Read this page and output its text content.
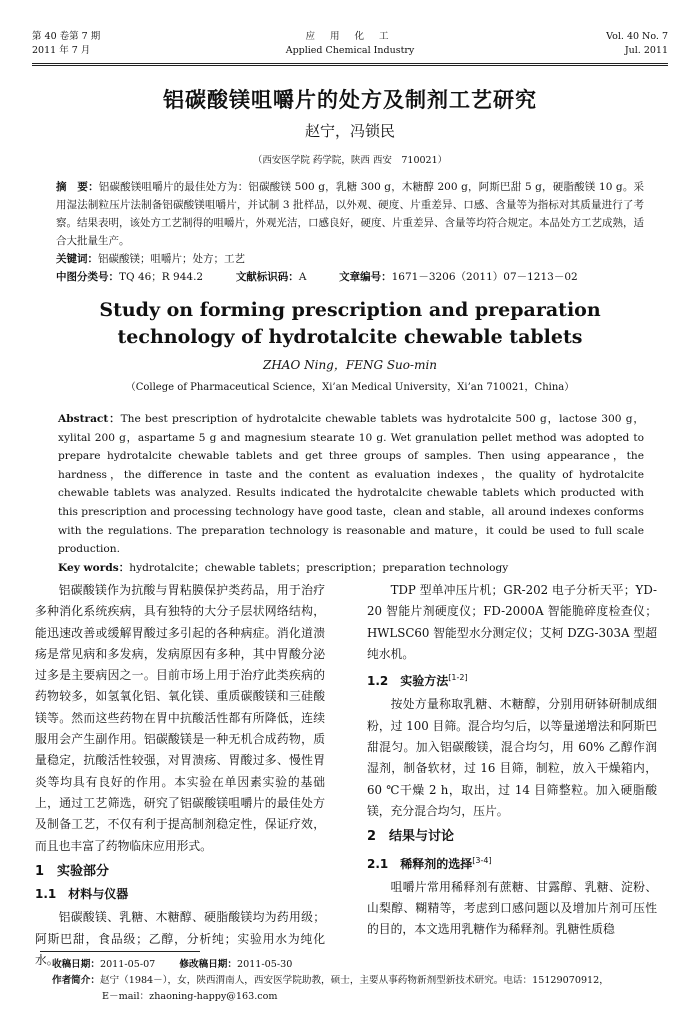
第 40 卷第 7 期
2011 年 7 月
应 用 化 工
Applied Chemical Industry
Vol. 40 No. 7
Jul. 2011
铝碳酸镁咀嚼片的处方及制剂工艺研究
赵宁，冯锁民
（西安医学院 药学院，陕西 西安　710021）
摘　要：铝碳酸镁咀嚼片的最佳处方为：铝碳酸镁 500 g，乳糖 300 g，木糖醇 200 g，阿斯巴甜 5 g，硬脂酸镁 10 g。采用湿法制粒压片法制备铝碳酸镁咀嚼片，并试制 3 批样品，以外观、硬度、片重差异、口感、含量等为指标对其质量进行了考察。结果表明，该处方工艺制得的咀嚼片，外观光洁，口感良好，硬度、片重差异、含量等均符合规定。本品处方工艺成熟，适合大批量生产。
关键词：铝碳酸镁；咀嚼片；处方；工艺
中图分类号：TQ 46；R 944.2	文献标识码：A	文章编号：1671－3206（2011）07－1213－02
Study on forming prescription and preparation technology of hydrotalcite chewable tablets
ZHAO Ning，FENG Suo-min
（College of Pharmaceutical Science，Xi’an Medical University，Xi’an 710021，China）
Abstract：The best prescription of hydrotalcite chewable tablets was hydrotalcite 500 g，lactose 300 g，xylital 200 g，aspartame 5 g and magnesium stearate 10 g. Wet granulation pellet method was adopted to prepare hydrotalcite chewable tablets and get three groups of samples. Then using appearance，the hardness，the difference in taste and the content as evaluation indexes，the quality of hydrotalcite chewable tablets was analyzed. Results indicated the hydrotalcite chewable tablets which producted with this prescription and processing technology have good taste，clean and stable，all around indexes conforms with the regulations. The preparation technology is reasonable and mature，it could be used to full scale production.
Key words：hydrotalcite；chewable tablets；prescription；preparation technology

铝碳酸镁作为抗酸与胃粘膜保护类药品，用于治疗多种消化系统疾病，具有独特的大分子层状网络结构，能迅速改善或缓解胃酸过多引起的各种病症。消化道溃疡是常见病和多发病，发病原因有多种，其中胃酸分泌过多是主要病因之一。目前市场上用于治疗此类疾病的药物较多，如氢氧化铝、氧化镁、重质碳酸镁和三硅酸镁等。然而这些药物在胃中抗酸活性都有所降低，连续服用会产生副作用。铝碳酸镁是一种无机合成药物，质量稳定，抗酸活性较强，对胃溃疡、胃酸过多、慢性胃炎等均具有良好的作用。本实验在单因素实验的基础上，通过工艺筛选，研究了铝碳酸镁咀嚼片的最佳处方及制备工艺，不仅有利于提高制剂稳定性，保证疗效，而且也丰富了药物临床应用形式。

1　实验部分
1.1　材料与仪器

铝碳酸镁、乳糖、木糖醇、硬脂酸镁均为药用级；阿斯巴甜，食品级；乙醇，分析纯；实验用水为纯化水。

TDP 型单冲压片机；GR-202 电子分析天平；YD-20 智能片剂硬度仪；FD-2000A 智能脆碎度检查仪；HWLSC60 智能型水分测定仪；艾柯 DZG-303A 型超纯水机。

1.2　实验方法[1-2]

按处方量称取乳糖、木糖醇，分别用研钵研制成细粉，过 100 目筛。混合均匀后，以等量递增法和阿斯巴甜混匀。加入铝碳酸镁，混合均匀，用 60% 乙醇作润湿剂，制备软材，过 16 目筛，制粒，放入干燥箱内，60 ℃干燥 2 h，取出，过 14 目筛整粒。加入硬脂酸镁，充分混合均匀，压片。

2　结果与讨论
2.1　稀释剂的选择[3-4]

咀嚼片常用稀释剂有蔗糖、甘露醇、乳糖、淀粉、山梨醇、糊精等，考虑到口感问题以及增加片剂可压性的目的，本文选用乳糖作为稀释剂。乳糖性质稳

收稿日期：2011-05-07	修改稿日期：2011-05-30
作者简介：赵宁（1984－），女，陕西渭南人，西安医学院助教，硕士，主要从事药物新剂型新技术研究。电话：15129070912，
E－mail：zhaoning-happy@163.com
